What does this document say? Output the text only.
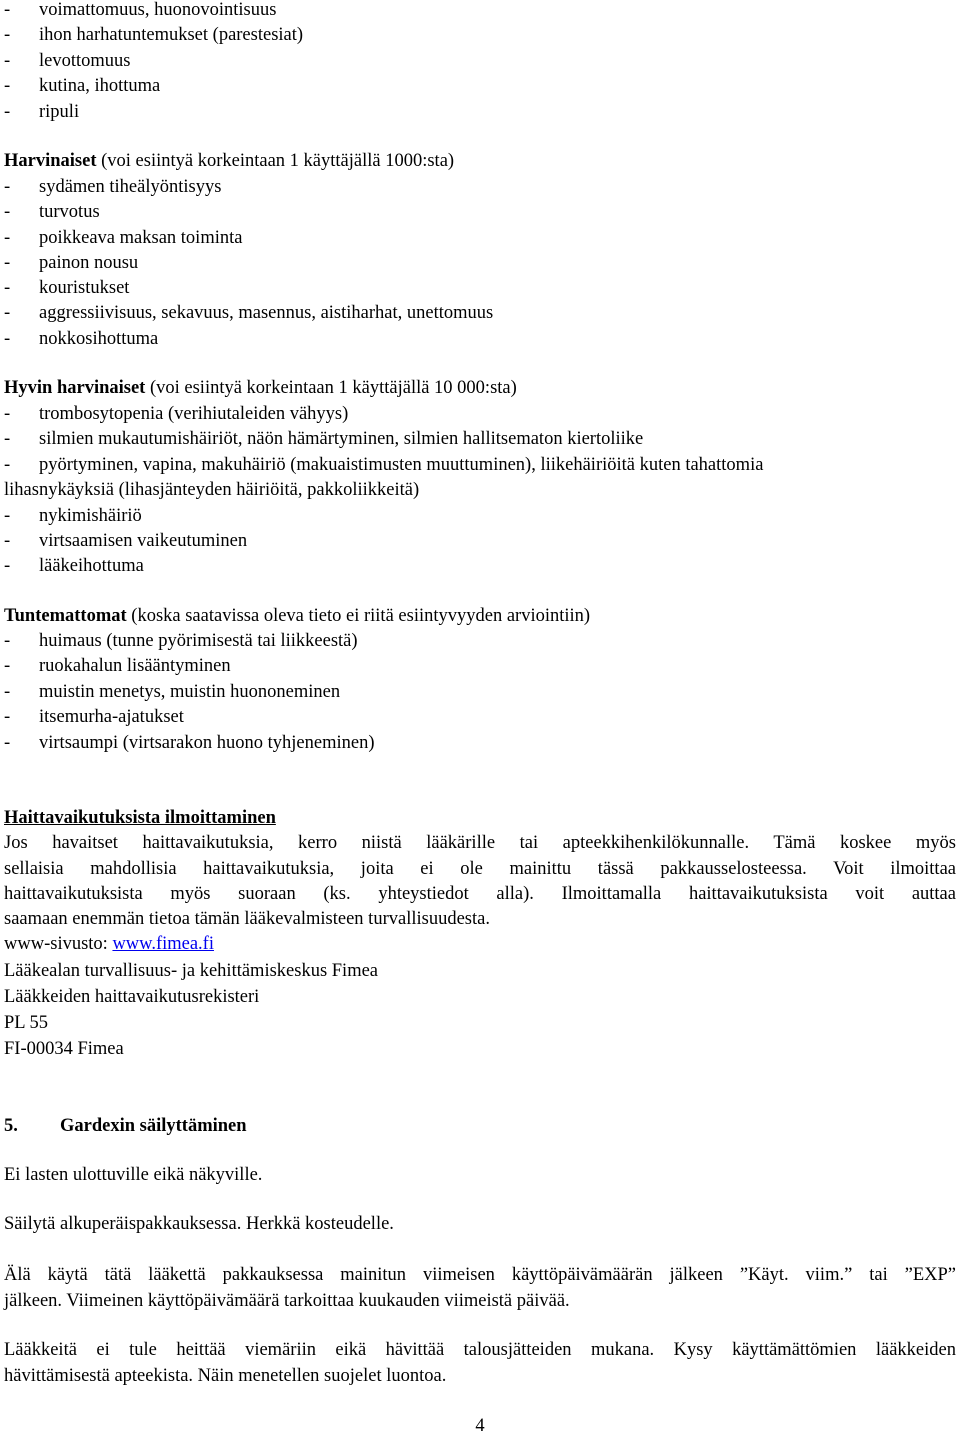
- voimattomuus, huonovointisuus
- ihon harhatuntemukset (parestesiat)
- levottomuus
- kutina, ihottuma
- ripuli
Harvinaiset (voi esiintyä korkeintaan 1 käyttäjällä 1000:sta)
- sydämen tiheälyöntisyys
- turvotus
- poikkeava maksan toiminta
- painon nousu
- kouristukset
- aggressiivisuus, sekavuus, masennus, aistiharhat, unettomuus
- nokkosihottuma
Hyvin harvinaiset (voi esiintyä korkeintaan 1 käyttäjällä 10 000:sta)
- trombosytopenia (verihiutaleiden vähyys)
- silmien mukautumishäiriöt, näön hämärtyminen, silmien hallitsematon kiertoliike
- pyörtyminen, vapina, makuhäiriö (makuaistimusten muuttuminen), liikehäiriöitä kuten tahattomia
lihasnykäyksiä (lihasjänteyden häiriöitä, pakkoliikkeitä)
- nykimishäiriö
- virtsaamisen vaikeutuminen
- lääkeihottuma
Tuntemattomat (koska saatavissa oleva tieto ei riitä esiintyvyyden arviointiin)
- huimaus (tunne pyörimisestä tai liikkeestä)
- ruokahalun lisääntyminen
- muistin menetys, muistin huononeminen
- itsemurha-ajatukset
- virtsaumpi (virtsarakon huono tyhjeneminen)
Haittavaikutuksista ilmoittaminen
Jos havaitset haittavaikutuksia, kerro niistä lääkärille tai apteekkihenkilökunnalle. Tämä koskee myös
sellaisia mahdollisia haittavaikutuksia, joita ei ole mainittu tässä pakkausselosteessa. Voit ilmoittaa
haittavaikutuksista myös suoraan (ks. yhteystiedot alla). Ilmoittamalla haittavaikutuksista voit auttaa
saamaan enemmän tietoa tämän lääkevalmisteen turvallisuudesta.
www-sivusto: www.fimea.fi
Lääkealan turvallisuus- ja kehittämiskeskus Fimea
Lääkkeiden haittavaikutusrekisteri
PL 55
FI-00034 Fimea
5. Gardexin säilyttäminen
Ei lasten ulottuville eikä näkyville.
Säilytä alkuperäispakkauksessa. Herkkä kosteudelle.
Älä käytä tätä lääkettä pakkauksessa mainitun viimeisen käyttöpäivämäärän jälkeen ”Käyt. viim.” tai ”EXP”
jälkeen. Viimeinen käyttöpäivämäärä tarkoittaa kuukauden viimeistä päivää.
Lääkkeitä ei tule heittää viemäriin eikä hävittää talousjätteiden mukana. Kysy käyttämättömien lääkkeiden
hävittämisestä apteekista. Näin menetellen suojelet luontoa.
4
